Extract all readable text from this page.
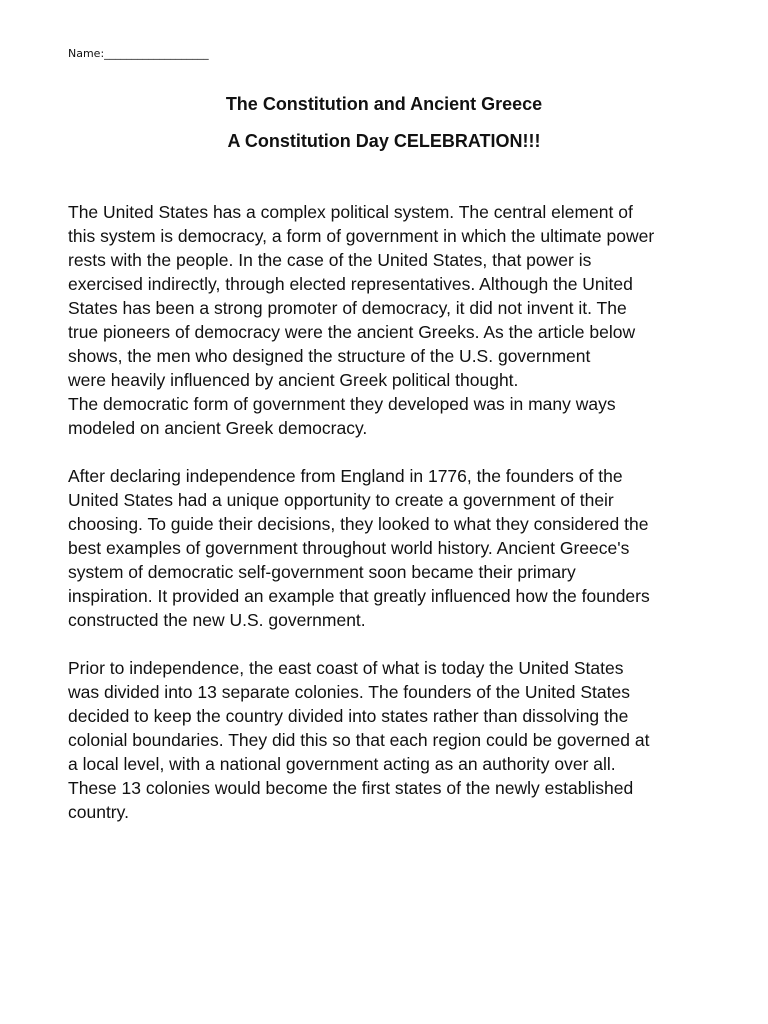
Name:___________________
The Constitution and Ancient Greece
A Constitution Day CELEBRATION!!!
The United States has a complex political system. The central element of
this system is democracy, a form of government in which the ultimate power
rests with the people. In the case of the United States, that power is
exercised indirectly, through elected representatives. Although the United
States has been a strong promoter of democracy, it did not invent it. The
true pioneers of democracy were the ancient Greeks. As the article below
shows, the men who designed the structure of the U.S. government
were heavily influenced by ancient Greek political thought.
The democratic form of government they developed was in many ways
modeled on ancient Greek democracy.
After declaring independence from England in 1776, the founders of the
United States had a unique opportunity to create a government of their
choosing. To guide their decisions, they looked to what they considered the
best examples of government throughout world history. Ancient Greece's
system of democratic self-government soon became their primary
inspiration. It provided an example that greatly influenced how the founders
constructed the new U.S. government.
Prior to independence, the east coast of what is today the United States
was divided into 13 separate colonies. The founders of the United States
decided to keep the country divided into states rather than dissolving the
colonial boundaries. They did this so that each region could be governed at
a local level, with a national government acting as an authority over all.
These 13 colonies would become the first states of the newly established
country.
